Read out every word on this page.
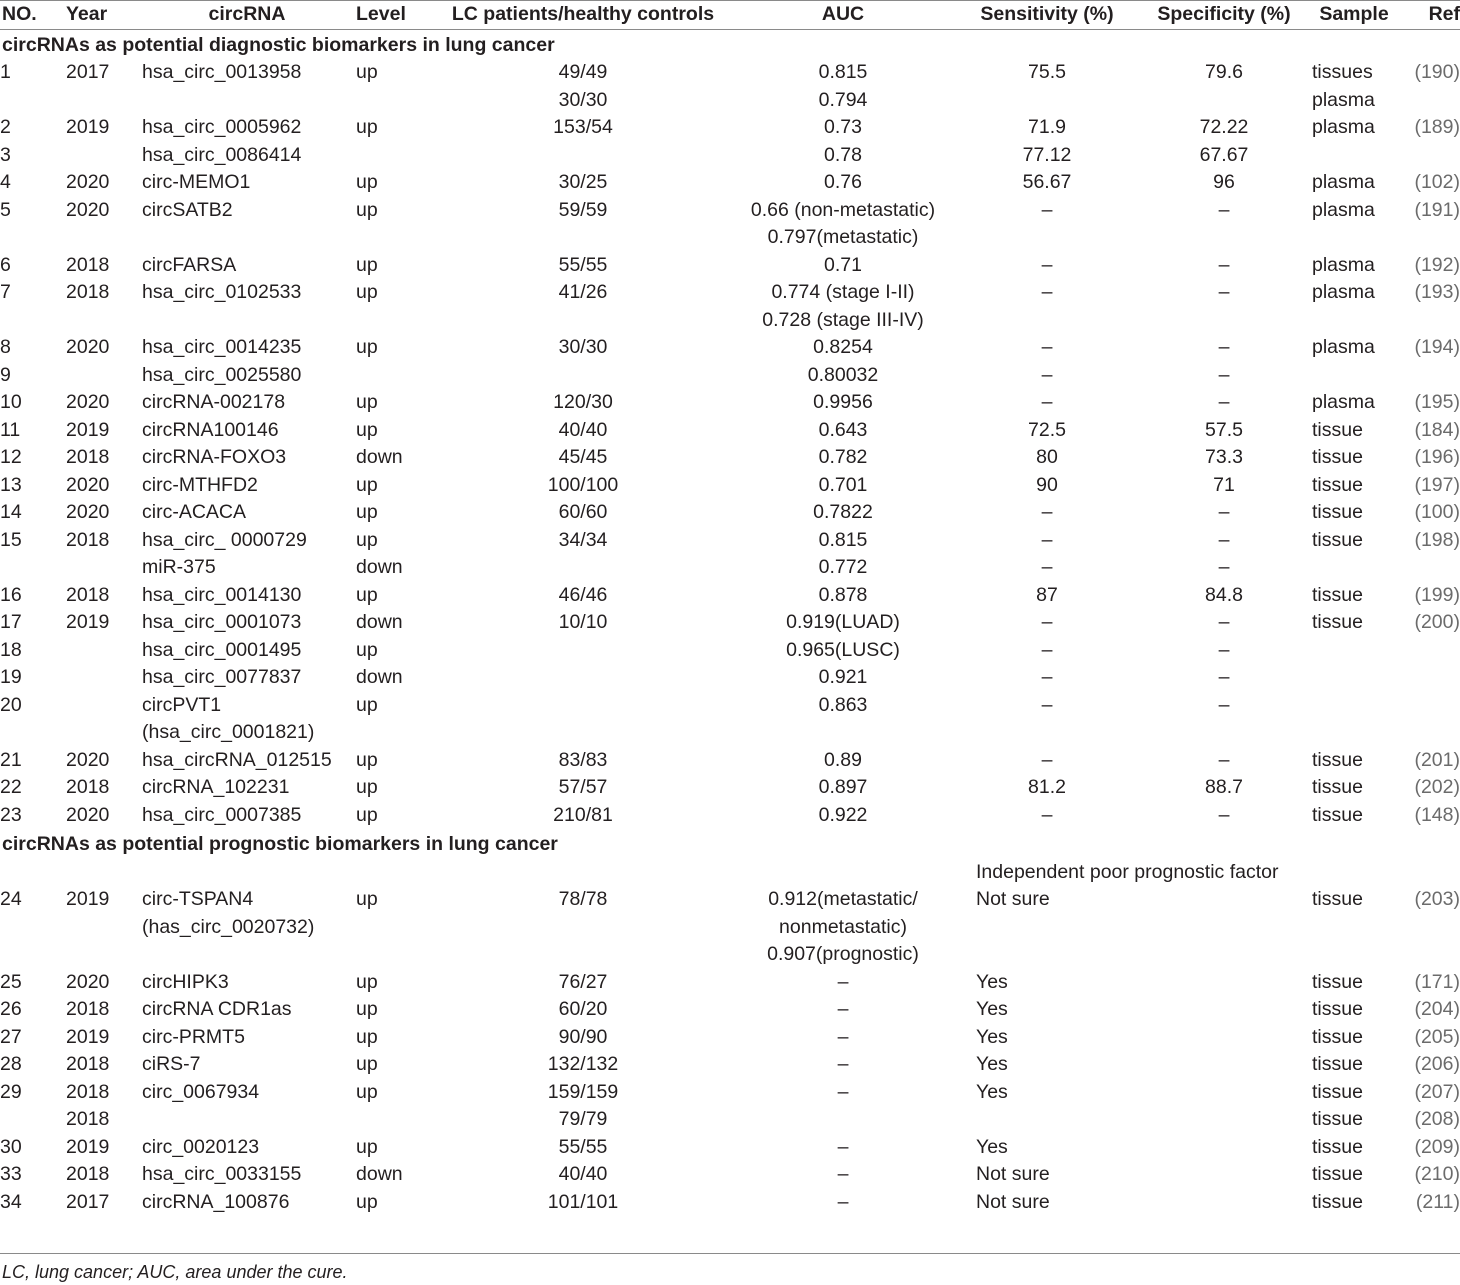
NO.	Year	circRNA	Level	LC patients/healthy controls	AUC	Sensitivity (%)	Specificity (%)	Sample	Ref
circRNAs as potential diagnostic biomarkers in lung cancer									
1	2017	hsa_circ_0013958	up	49/49	0.815	75.5	79.6	tissues	(190)
				30/30	0.794			plasma	
2	2019	hsa_circ_0005962	up	153/54	0.73	71.9	72.22	plasma	(189)
3		hsa_circ_0086414			0.78	77.12	67.67		
4	2020	circ-MEMO1	up	30/25	0.76	56.67	96	plasma	(102)
5	2020	circSATB2	up	59/59	0.66 (non-metastatic)	–	–	plasma	(191)
					0.797(metastatic)				
6	2018	circFARSA	up	55/55	0.71	–	–	plasma	(192)
7	2018	hsa_circ_0102533	up	41/26	0.774 (stage I-II)	–	–	plasma	(193)
					0.728 (stage III-IV)				
8	2020	hsa_circ_0014235	up	30/30	0.8254	–	–	plasma	(194)
9		hsa_circ_0025580			0.80032	–	–		
10	2020	circRNA-002178	up	120/30	0.9956	–	–	plasma	(195)
11	2019	circRNA100146	up	40/40	0.643	72.5	57.5	tissue	(184)
12	2018	circRNA-FOXO3	down	45/45	0.782	80	73.3	tissue	(196)
13	2020	circ-MTHFD2	up	100/100	0.701	90	71	tissue	(197)
14	2020	circ-ACACA	up	60/60	0.7822	–	–	tissue	(100)
15	2018	hsa_circ_ 0000729	up	34/34	0.815	–	–	tissue	(198)
		miR-375	down		0.772	–	–		
16	2018	hsa_circ_0014130	up	46/46	0.878	87	84.8	tissue	(199)
17	2019	hsa_circ_0001073	down	10/10	0.919(LUAD)	–	–	tissue	(200)
18		hsa_circ_0001495	up		0.965(LUSC)	–	–		
19		hsa_circ_0077837	down		0.921	–	–		
20		circPVT1	up		0.863	–	–		
		(hsa_circ_0001821)							
21	2020	hsa_circRNA_012515	up	83/83	0.89	–	–	tissue	(201)
22	2018	circRNA_102231	up	57/57	0.897	81.2	88.7	tissue	(202)
23	2020	hsa_circ_0007385	up	210/81	0.922	–	–	tissue	(148)
circRNAs as potential prognostic biomarkers in lung cancer									
						Independent poor prognostic factor			
24	2019	circ-TSPAN4	up	78/78	0.912(metastatic/	Not sure		tissue	(203)
		(has_circ_0020732)			nonmetastatic)				
					0.907(prognostic)				
25	2020	circHIPK3	up	76/27	–	Yes		tissue	(171)
26	2018	circRNA CDR1as	up	60/20	–	Yes		tissue	(204)
27	2019	circ-PRMT5	up	90/90	–	Yes		tissue	(205)
28	2018	ciRS-7	up	132/132	–	Yes		tissue	(206)
29	2018	circ_0067934	up	159/159	–	Yes		tissue	(207)
	2018			79/79				tissue	(208)
30	2019	circ_0020123	up	55/55	–	Yes		tissue	(209)
33	2018	hsa_circ_0033155	down	40/40	–	Not sure		tissue	(210)
34	2017	circRNA_100876	up	101/101	–	Not sure		tissue	(211)
LC, lung cancer; AUC, area under the cure.
